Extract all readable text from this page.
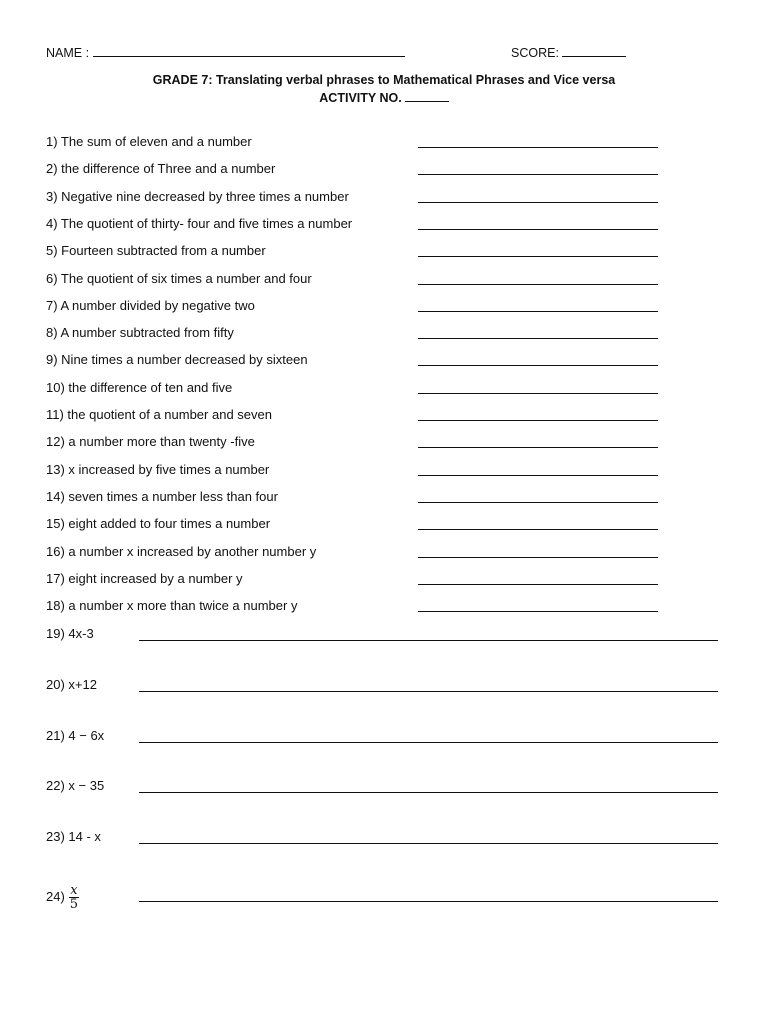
NAME :	SCORE:
GRADE 7: Translating verbal phrases to Mathematical Phrases and Vice versa
ACTIVITY NO.
1) The sum of eleven and a number
2) the difference of Three and a number
3) Negative nine decreased by three times a number
4) The quotient of thirty- four and five times a number
5) Fourteen subtracted from a number
6) The quotient of six times a number and four
7) A number divided by negative two
8) A number subtracted from fifty
9) Nine times a number decreased by sixteen
10) the difference of ten and five
11) the quotient of a number and seven
12) a number more than twenty -five
13) x increased by five times a number
14) seven times a number less than four
15) eight added to four times a number
16) a number x increased by another number y
17) eight increased by a number y
18) a number x more than twice a number y
19) 4x-3
20) x+12
21) 4 − 6x
22) x − 35
23) 14 - x
$24) \frac{x}{5}$
